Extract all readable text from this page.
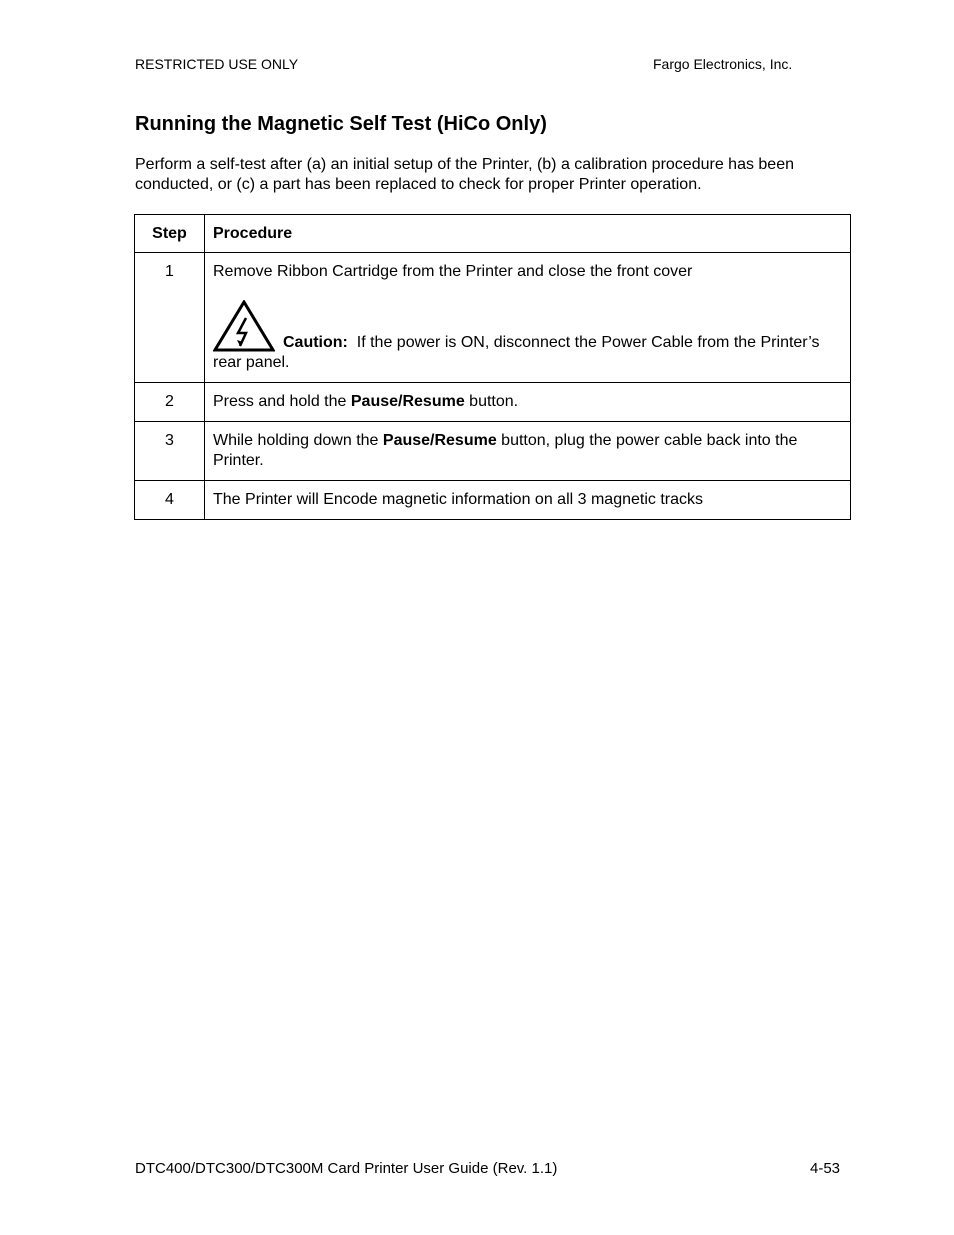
RESTRICTED USE ONLY	Fargo Electronics, Inc.
Running the Magnetic Self Test (HiCo Only)

Perform a self-test after (a) an initial setup of the Printer, (b) a calibration procedure has been conducted, or (c) a part has been replaced to check for proper Printer operation.

Step	Procedure
1	Remove Ribbon Cartridge from the Printer and close the front cover
Caution: If the power is ON, disconnect the Power Cable from the Printer’s rear panel.

2	Press and hold the Pause/Resume button.
3	While holding down the Pause/Resume button, plug the power cable back into the Printer.
4	The Printer will Encode magnetic information on all 3 magnetic tracks
DTC400/DTC300/DTC300M Card Printer User Guide (Rev. 1.1)	4-53
